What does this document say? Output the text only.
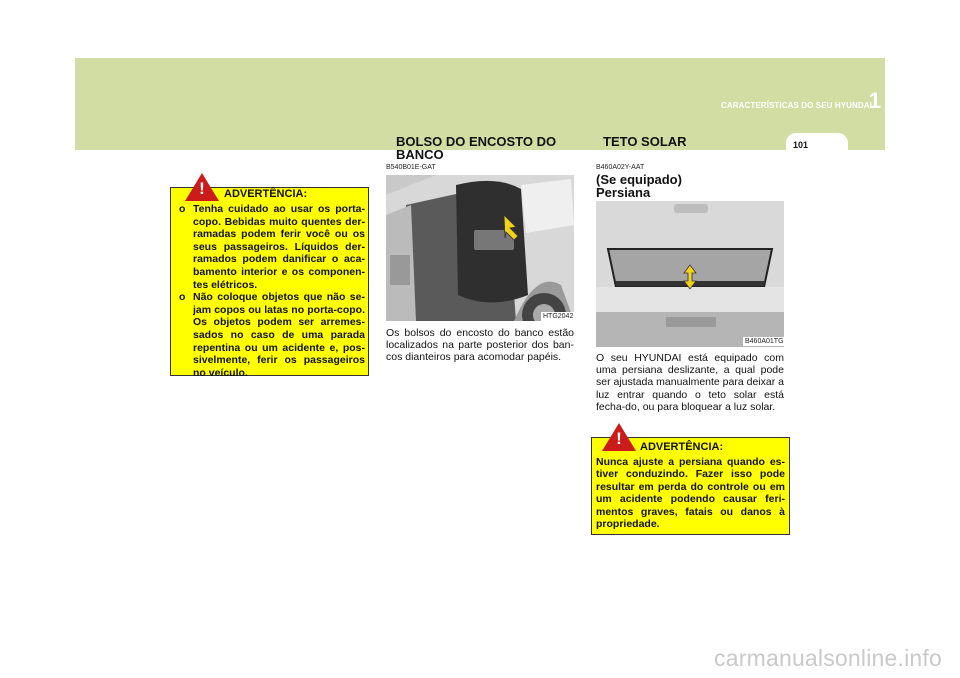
CARACTERÍSTICAS DO SEU HYUNDAI
1
BOLSO DO ENCOSTO DO
BANCO
TETO SOLAR	101
!	ADVERTÊNCIA:
o Tenha cuidado ao usar os porta-copo. Bebidas muito quentes der-ramadas podem ferir você ou os seus passageiros. Líquidos der-ramados podem danificar o aca-bamento interior e os componen-tes elétricos.
o Não coloque objetos que não se-jam copos ou latas no porta-copo. Os objetos podem ser arremes-sados no caso de uma parada repentina ou um acidente e, pos-sivelmente, ferir os passageiros no veículo.
B540B01E-GAT
HTG2042

Os bolsos do encosto do banco estão localizados na parte posterior dos ban-cos dianteiros para acomodar papéis.

B460A02Y-AAT
(Se equipado)
Persiana
B460A01TG

O seu HYUNDAI está equipado com uma persiana deslizante, a qual pode ser ajustada manualmente para deixar a luz entrar quando o teto solar está fecha-do, ou para bloquear a luz solar.

!	ADVERTÊNCIA:

Nunca ajuste a persiana quando es-tiver conduzindo. Fazer isso pode resultar em perda do controle ou em um acidente podendo causar feri-mentos graves, fatais ou danos à propriedade.

carmanualsonline.info
